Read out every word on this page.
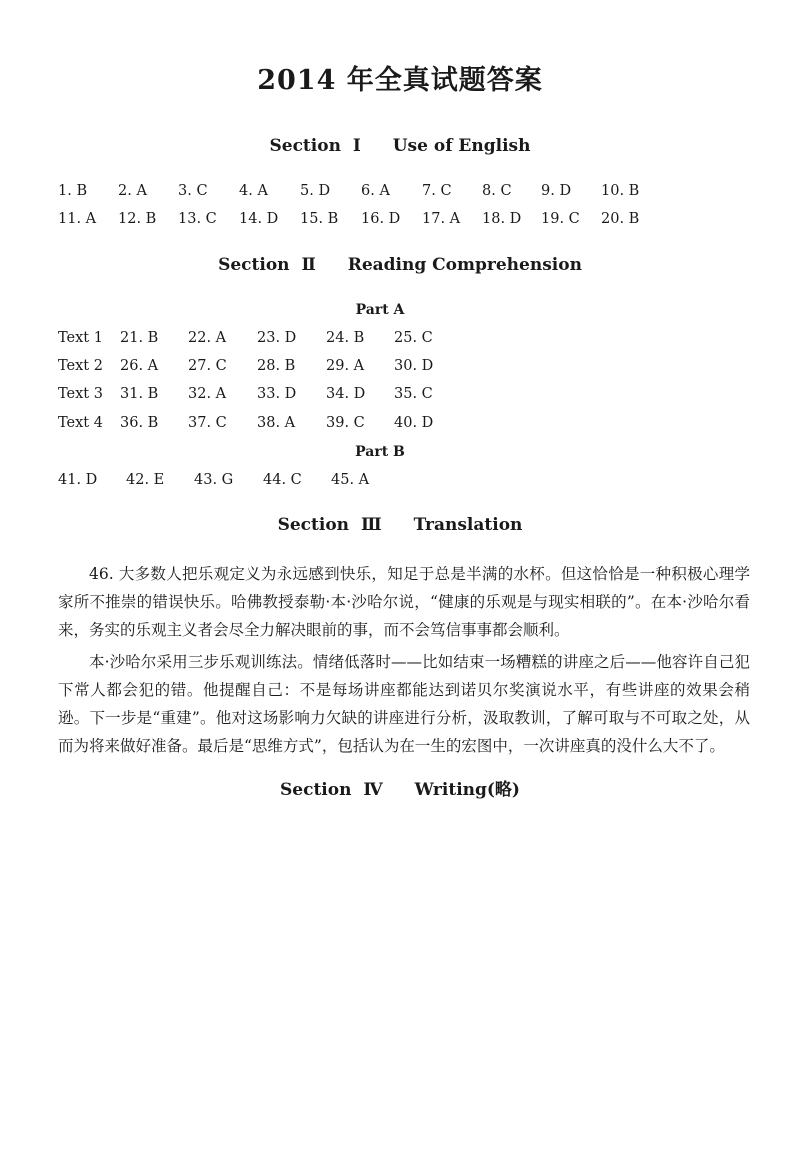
2014 年全真试题答案
Section Ⅰ Use of English
1. B 2. A 3. C 4. A 5. D 6. A 7. C 8. C 9. D 10. B
11. A 12. B 13. C 14. D 15. B 16. D 17. A 18. D 19. C 20. B
Section Ⅱ Reading Comprehension
Part A
Text 1 21. B 22. A 23. D 24. B 25. C
Text 2 26. A 27. C 28. B 29. A 30. D
Text 3 31. B 32. A 33. D 34. D 35. C
Text 4 36. B 37. C 38. A 39. C 40. D
Part B
41. D 42. E 43. G 44. C 45. A
Section Ⅲ Translation

46. 大多数人把乐观定义为永远感到快乐，知足于总是半满的水杯。但这恰恰是一种积极心理学家所不推崇的错误快乐。哈佛教授泰勒·本·沙哈尔说，“健康的乐观是与现实相联的”。在本·沙哈尔看来，务实的乐观主义者会尽全力解决眼前的事，而不会笃信事事都会顺利。

本·沙哈尔采用三步乐观训练法。情绪低落时——比如结束一场糟糕的讲座之后——他容许自己犯下常人都会犯的错。他提醒自己：不是每场讲座都能达到诺贝尔奖演说水平，有些讲座的效果会稍逊。下一步是“重建”。他对这场影响力欠缺的讲座进行分析，汲取教训，了解可取与不可取之处，从而为将来做好准备。最后是“思维方式”，包括认为在一生的宏图中，一次讲座真的没什么大不了。

Section Ⅳ Writing(略)
